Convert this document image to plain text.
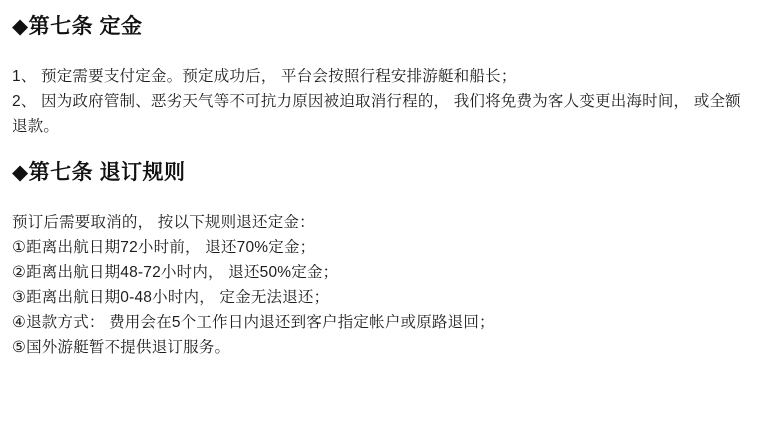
◆第七条 定金

1、 预定需要支付定金。预定成功后， 平台会按照行程安排游艇和船长；

2、 因为政府管制、恶劣天气等不可抗力原因被迫取消行程的， 我们将免费为客人变更出海时间， 或全额退款。

◆第七条 退订规则

预订后需要取消的， 按以下规则退还定金：

①距离出航日期72小时前， 退还70%定金；

②距离出航日期48-72小时内， 退还50%定金；

③距离出航日期0-48小时内， 定金无法退还；

④退款方式： 费用会在5个工作日内退还到客户指定帐户或原路退回；

⑤国外游艇暂不提供退订服务。
